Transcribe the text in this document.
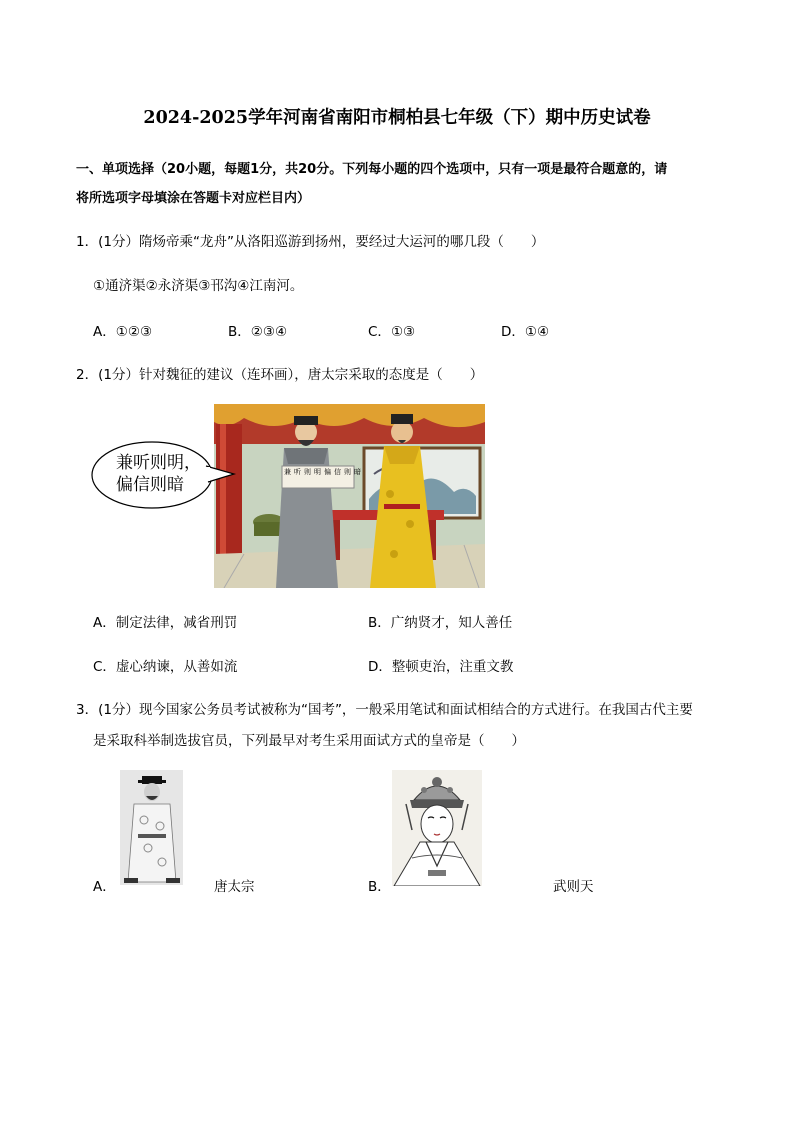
2024-2025学年河南省南阳市桐柏县七年级（下）期中历史试卷
一、单项选择（20小题，每题1分，共20分。下列每小题的四个选项中，只有一项是最符合题意的，请
将所选项字母填涂在答题卡对应栏目内）
1．(1分）隋炀帝乘“龙舟”从洛阳巡游到扬州，要经过大运河的哪几段（　　）
①通济渠②永济渠③邗沟④江南河。
A．①②③	B．②③④	C．①③	D．①④
2．(1分）针对魏征的建议（连环画），唐太宗采取的态度是（　　）
兼 听 则 明 偏 信 则 暗
兼听则明，
偏信则暗
A．制定法律，减省刑罚	B．广纳贤才，知人善任
C．虚心纳谏，从善如流	D．整顿吏治，注重文教
3．(1分）现今国家公务员考试被称为“国考”，一般采用笔试和面试相结合的方式进行。在我国古代主要
是采取科举制选拔官员，下列最早对考生采用面试方式的皇帝是（　　）
A．	唐太宗	B．	武则天
